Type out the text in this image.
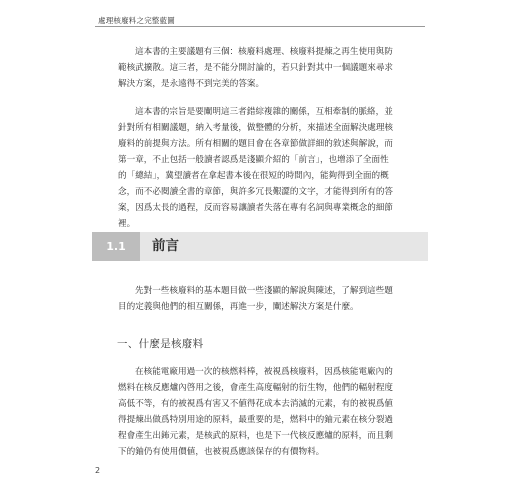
處理核廢料之完整藍圖

這本書的主要議題有三個：核廢料處理、核廢料提煉之再生使用與防
範核武擴散。這三者，是不能分開討論的，若只針對其中一個議題來尋求
解決方案，是永遠得不到完美的答案。

這本書的宗旨是要闡明這三者錯綜複雜的關係，互相牽制的脈絡，並
針對所有相關議題，納入考量後，做整體的分析，來描述全面解決處理核
廢料的前提與方法。所有相關的題目會在各章節做詳細的敘述與解說，而
第一章，不止包括一般讀者認爲是淺顯介紹的「前言」，也增添了全面性
的「總結」，冀望讀者在拿起書本後在很短的時間內，能夠得到全面的概
念，而不必閱讀全書的章節，與許多冗長艱澀的文字，才能得到所有的答
案，因爲太長的過程，反而容易讓讀者失落在專有名詞與專業概念的細節
裡。

1.1	前言

先對一些核廢料的基本題目做一些淺顯的解說與陳述，了解到這些題
目的定義與他們的相互關係，再進一步，闡述解決方案是什麼。

一、什麼是核廢料

在核能電廠用過一次的核燃料棒，被視爲核廢料，因爲核能電廠內的
燃料在核反應爐內啓用之後，會產生高度輻射的衍生物，他們的輻射程度
高低不等，有的被視爲有害又不値得花成本去消滅的元素，有的被視爲値
得提煉出做爲特別用途的原料，最重要的是，燃料中的鈾元素在核分裂過
程會產生出鈽元素，是核武的原料，也是下一代核反應爐的原料，而且剩
下的鈾仍有使用價値，也被視爲應該保存的有價物料。

2
